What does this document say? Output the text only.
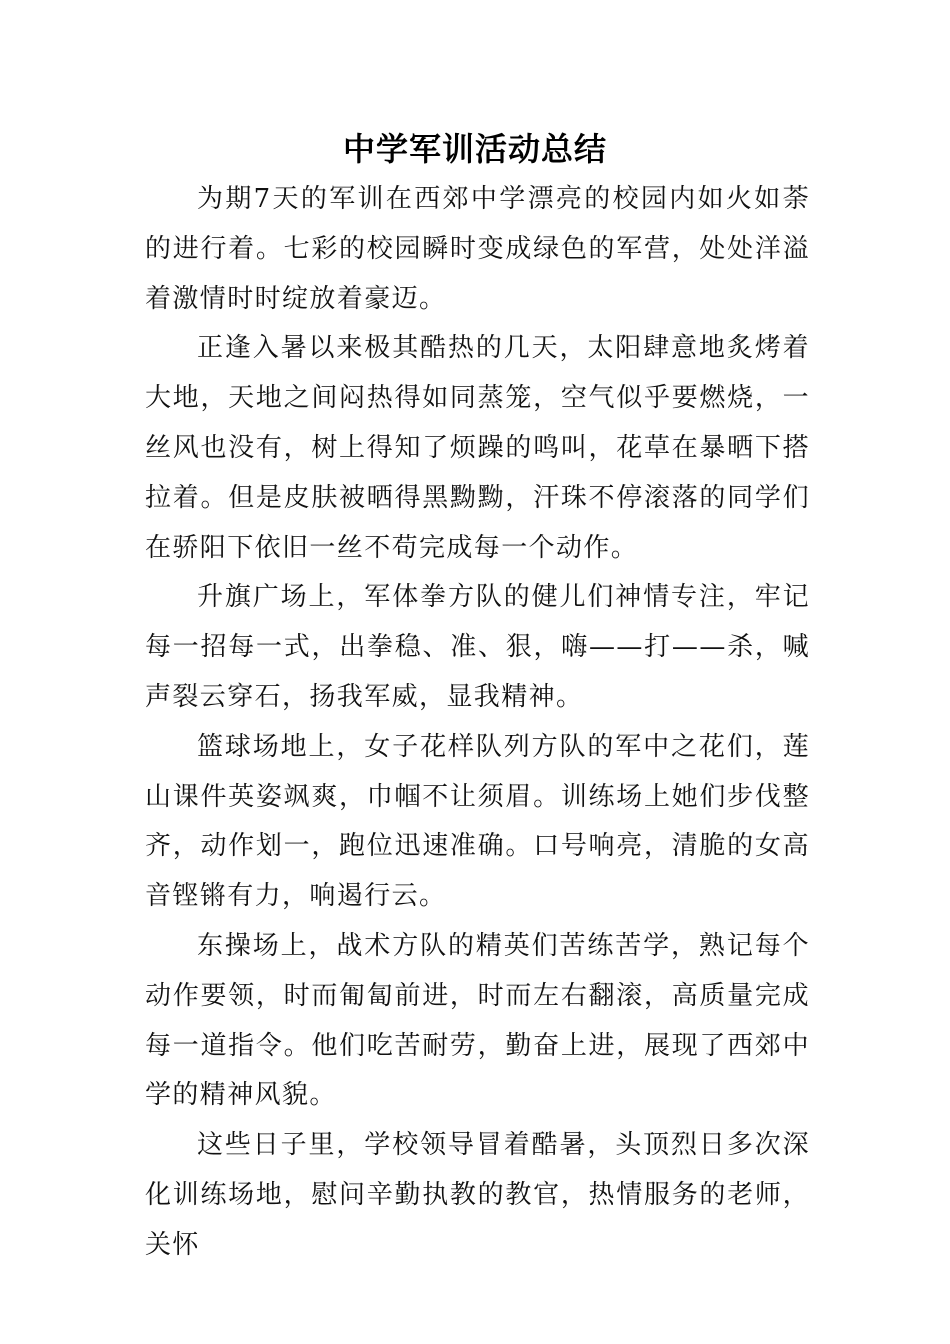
中学军训活动总结

为期7天的军训在西郊中学漂亮的校园内如火如荼的进行着。七彩的校园瞬时变成绿色的军营，处处洋溢着激情时时绽放着豪迈。

正逢入暑以来极其酷热的几天，太阳肆意地炙烤着大地，天地之间闷热得如同蒸笼，空气似乎要燃烧，一丝风也没有，树上得知了烦躁的鸣叫，花草在暴晒下搭拉着。但是皮肤被晒得黑黝黝，汗珠不停滚落的同学们在骄阳下依旧一丝不苟完成每一个动作。

升旗广场上，军体拳方队的健儿们神情专注，牢记每一招每一式，出拳稳、准、狠，嗨——打——杀，喊声裂云穿石，扬我军威，显我精神。

篮球场地上，女子花样队列方队的军中之花们，莲 山课件英姿飒爽，巾帼不让须眉。训练场上她们步伐整齐，动作划一，跑位迅速准确。口号响亮，清脆的女高音铿锵有力，响遏行云。

东操场上，战术方队的精英们苦练苦学，熟记每个动作要领，时而匍匐前进，时而左右翻滚，高质量完成每一道指令。他们吃苦耐劳，勤奋上进，展现了西郊中学的精神风貌。

这些日子里，学校领导冒着酷暑，头顶烈日多次深化训练场地，慰问辛勤执教的教官，热情服务的老师，关怀
